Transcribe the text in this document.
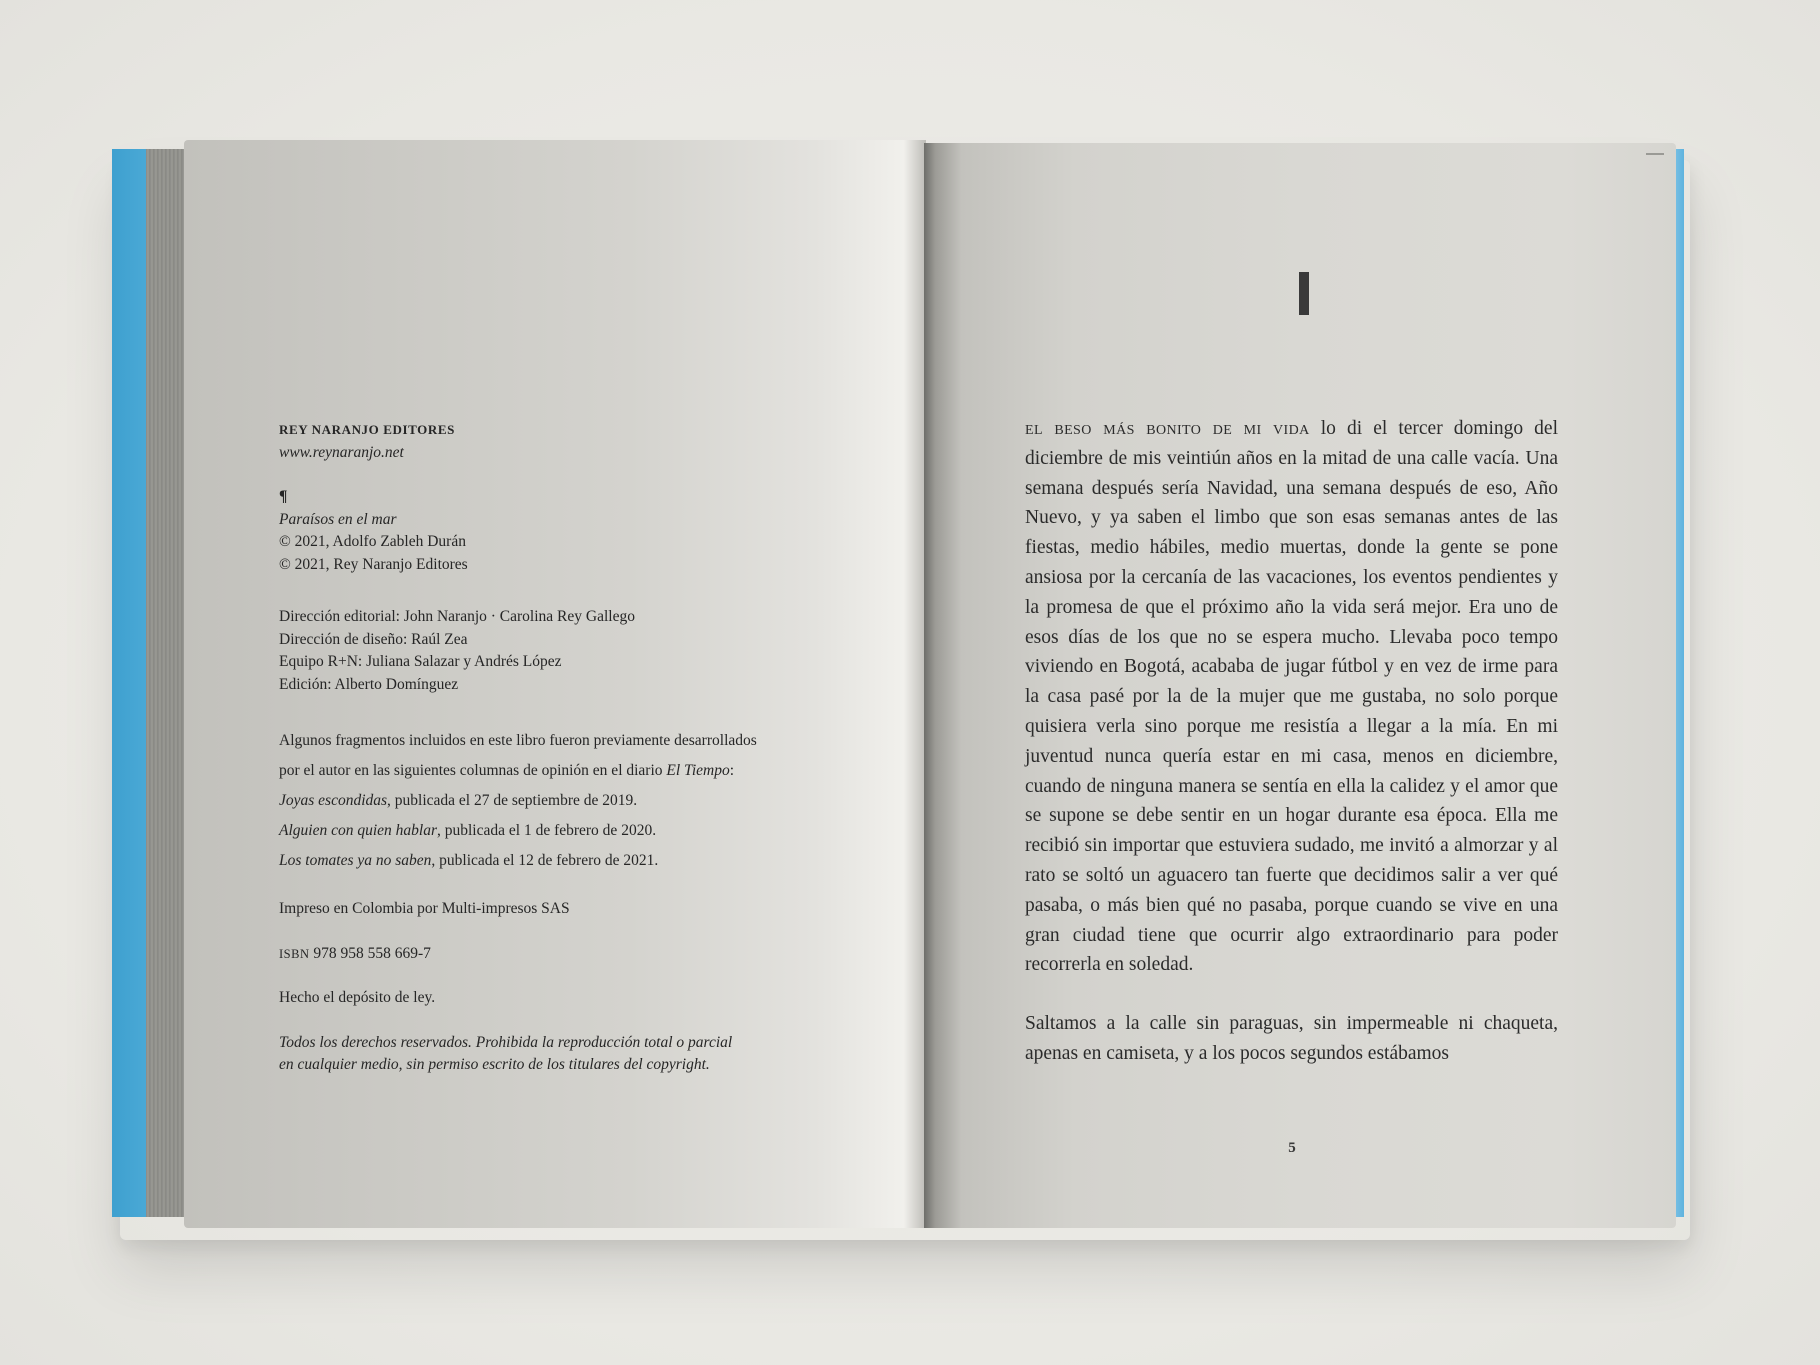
REY NARANJO EDITORES

www.reynaranjo.net

¶

Paraísos en el mar

© 2021, Adolfo Zableh Durán

© 2021, Rey Naranjo Editores

Dirección editorial: John Naranjo · Carolina Rey Gallego

Dirección de diseño: Raúl Zea

Equipo R+N: Juliana Salazar y Andrés López

Edición: Alberto Domínguez

Algunos fragmentos incluidos en este libro fueron previamente desarrollados

por el autor en las siguientes columnas de opinión en el diario El Tiempo:

Joyas escondidas, publicada el 27 de septiembre de 2019.

Alguien con quien hablar, publicada el 1 de febrero de 2020.

Los tomates ya no saben, publicada el 12 de febrero de 2021.

Impreso en Colombia por Multi-impresos SAS

ISBN 978 958 558 669-7

Hecho el depósito de ley.

Todos los derechos reservados. Prohibida la reproducción total o parcial

en cualquier medio, sin permiso escrito de los titulares del copyright.

el beso más bonito de mi vida lo di el tercer domingo del diciembre de mis veintiún años en la mitad de una calle vacía. Una semana después sería Navidad, una semana después de eso, Año Nuevo, y ya saben el limbo que son esas semanas antes de las fiestas, medio hábiles, medio muertas, donde la gente se pone ansiosa por la cercanía de las vacaciones, los eventos pendientes y la promesa de que el próximo año la vida será mejor. Era uno de esos días de los que no se espera mucho. Llevaba poco tempo viviendo en Bogotá, acababa de jugar fútbol y en vez de irme para la casa pasé por la de la mujer que me gustaba, no solo porque quisiera verla sino porque me resistía a llegar a la mía. En mi juventud nunca quería estar en mi casa, menos en diciembre, cuando de ninguna manera se sentía en ella la calidez y el amor que se supone se debe sentir en un hogar durante esa época. Ella me recibió sin importar que estuviera sudado, me invitó a almorzar y al rato se soltó un aguacero tan fuerte que decidimos salir a ver qué pasaba, o más bien qué no pasaba, porque cuando se vive en una gran ciudad tiene que ocurrir algo extraordinario para poder recorrerla en soledad.

Saltamos a la calle sin paraguas, sin impermeable ni chaqueta, apenas en camiseta, y a los pocos segundos estábamos

5
